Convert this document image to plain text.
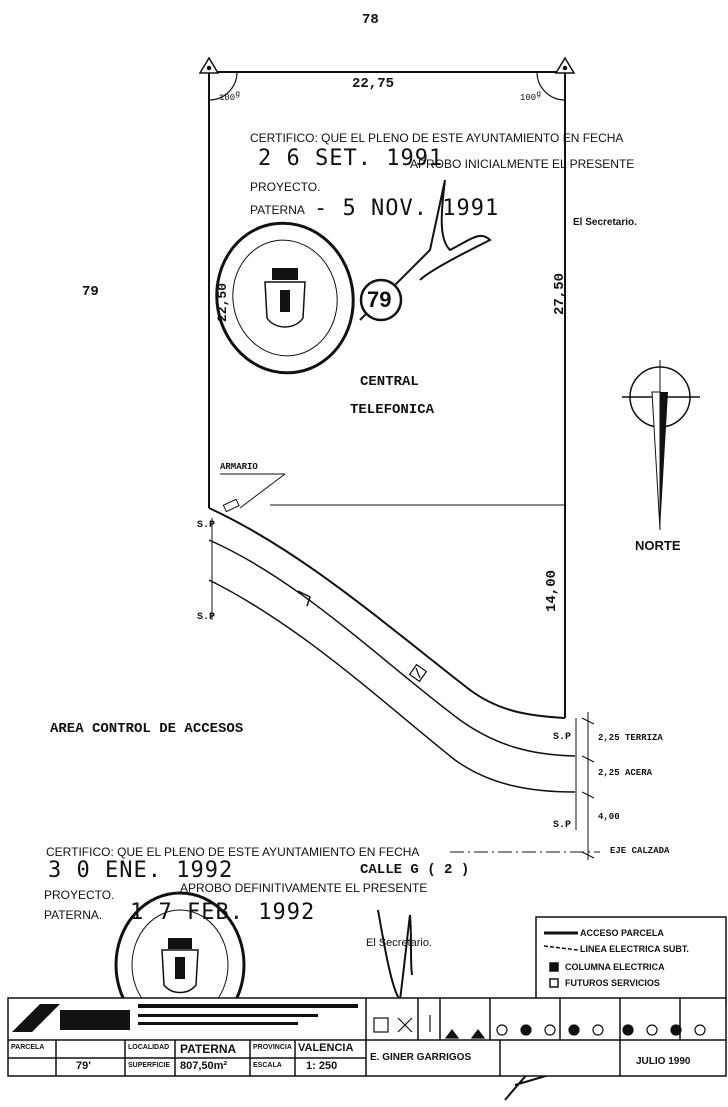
78
79
22,75
27,50
14,00
22,50
100$^g$	100$^g$
CERTIFICO: QUE EL PLENO DE ESTE AYUNTAMIENTO EN FECHA
2 6 SET. 1991
APROBO INICIALMENTE EL PRESENTE
PROYECTO.
PATERNA - 5 NOV. 1991
El Secretario.
79
CENTRAL
TELEFONICA
ARMARIO
S.P
S.P
S.P
S.P
NORTE
AREA CONTROL DE ACCESOS
2,25 TERRIZA
2,25 ACERA
4,00
EJE CALZADA
CALLE G ( 2 )
CERTIFICO: QUE EL PLENO DE ESTE AYUNTAMIENTO EN FECHA
3 0 ENE. 1992
APROBO DEFINITIVAMENTE EL PRESENTE
PROYECTO.
PATERNA. 1 7 FEB. 1992
El Secretario.
ACCESO PARCELA
LINEA ELECTRICA SUBT.
COLUMNA ELECTRICA
FUTUROS SERVICIOS
PARCELA
79'
LOCALIDAD PATERNA
SUPERFICIE 807,50m²
PROVINCIA VALENCIA
ESCALA 1: 250
E. GINER GARRIGOS	JULIO 1990
